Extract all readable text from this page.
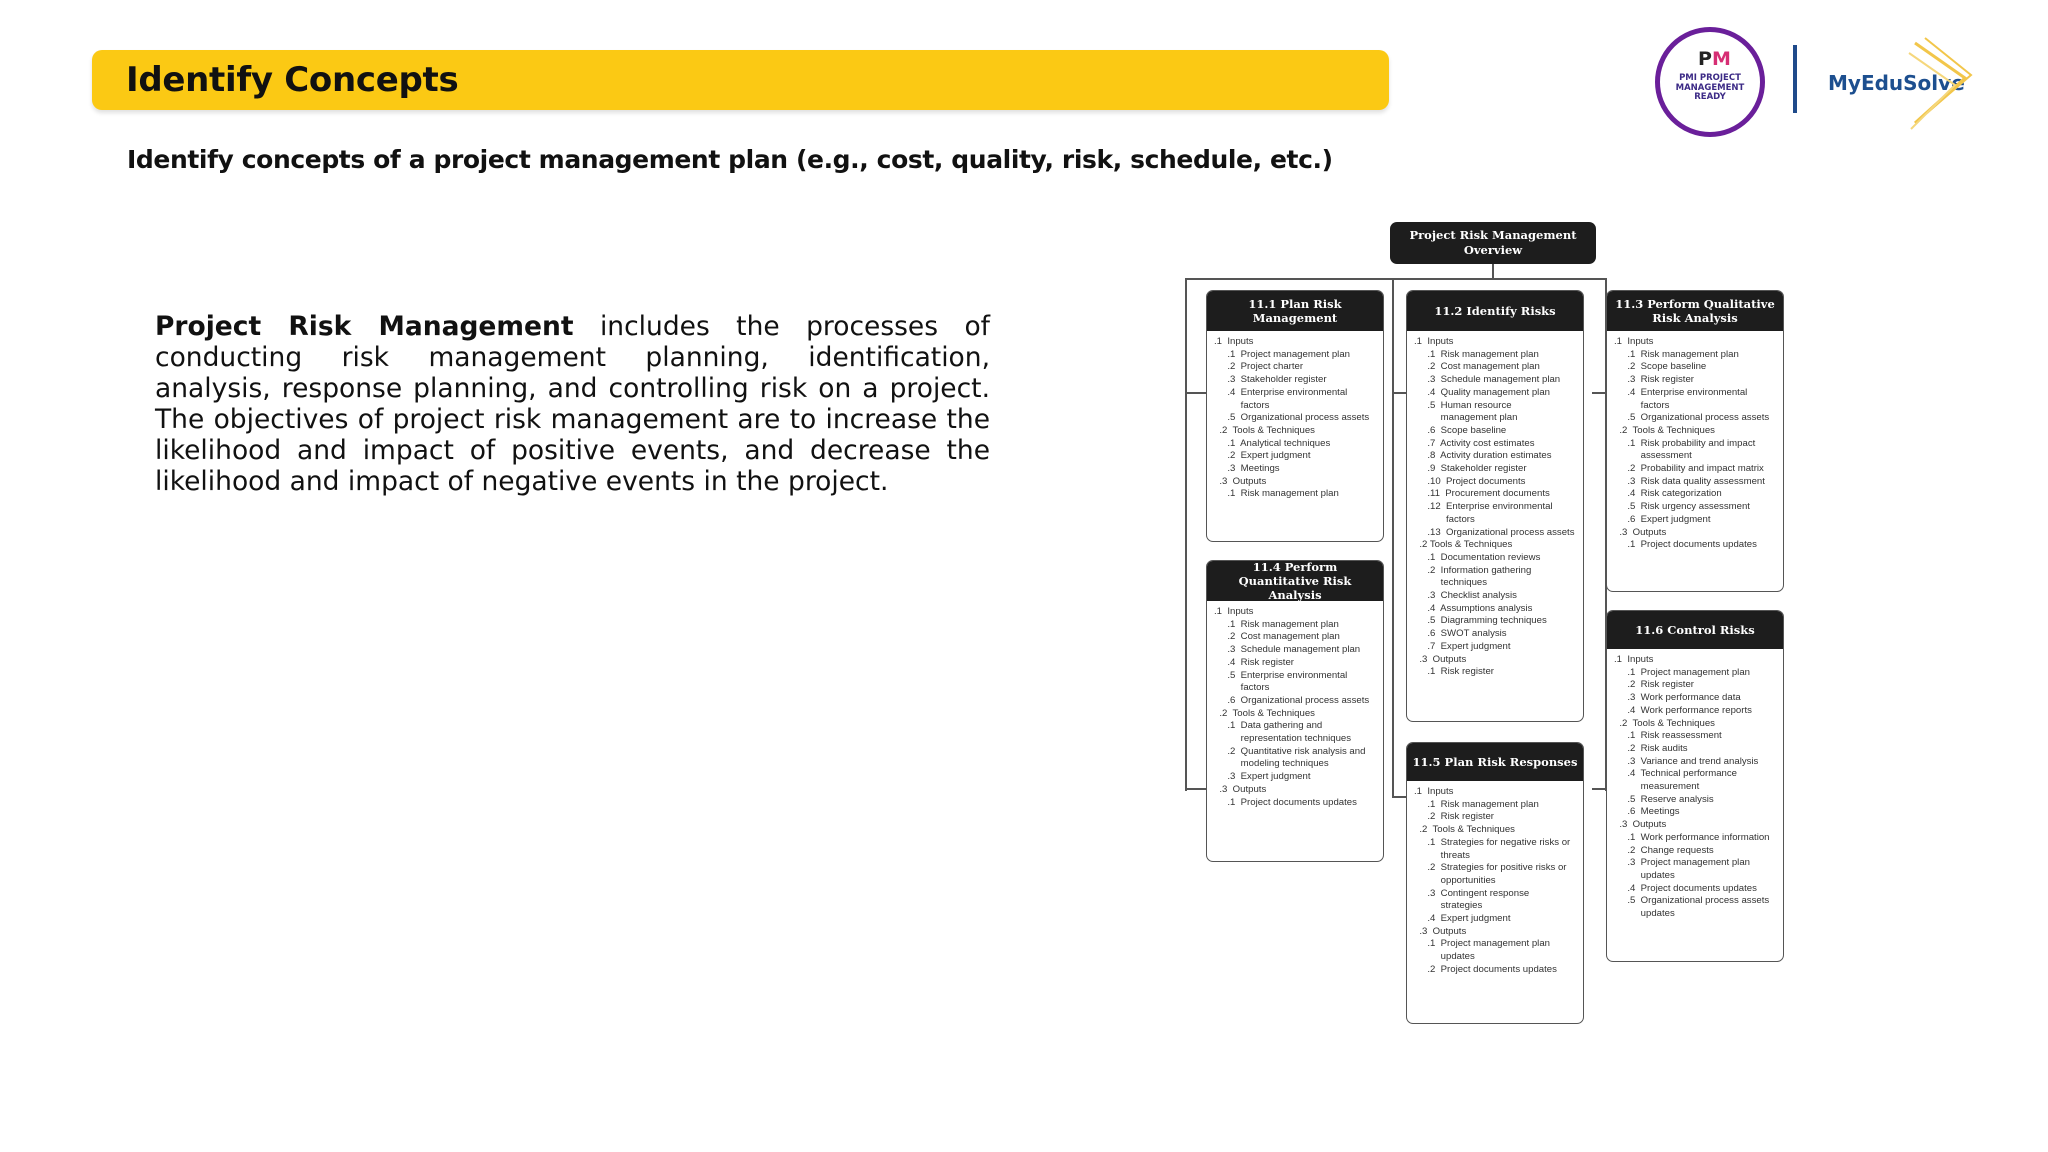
Identify Concepts
Identify concepts of a project management plan (e.g., cost, quality, risk, schedule, etc.)
Project Risk Management includes the processes of conducting risk management planning, identification, analysis, response planning, and controlling risk on a project. The objectives of project risk management are to increase the likelihood and impact of positive events, and decrease the likelihood and impact of negative events in the project.
PM
PMI PROJECT MANAGEMENT READY
MyEduSolve
Project Risk Management Overview
11.1 Plan Risk Management
.1  Inputs
.1  Project management plan
.2  Project charter
.3  Stakeholder register
.4  Enterprise environmental
factors
.5  Organizational process assets
.2  Tools & Techniques
.1  Analytical techniques
.2  Expert judgment
.3  Meetings
.3  Outputs
.1  Risk management plan
11.2 Identify Risks
.1  Inputs
.1  Risk management plan
.2  Cost management plan
.3  Schedule management plan
.4  Quality management plan
.5  Human resource
management plan
.6  Scope baseline
.7  Activity cost estimates
.8  Activity duration estimates
.9  Stakeholder register
.10  Project documents
.11  Procurement documents
.12  Enterprise environmental
factors
.13  Organizational process assets
.2 Tools & Techniques
.1  Documentation reviews
.2  Information gathering
techniques
.3  Checklist analysis
.4  Assumptions analysis
.5  Diagramming techniques
.6  SWOT analysis
.7  Expert judgment
.3  Outputs
.1  Risk register
11.3 Perform Qualitative Risk Analysis
.1  Inputs
.1  Risk management plan
.2  Scope baseline
.3  Risk register
.4  Enterprise environmental
factors
.5  Organizational process assets
.2  Tools & Techniques
.1  Risk probability and impact
assessment
.2  Probability and impact matrix
.3  Risk data quality assessment
.4  Risk categorization
.5  Risk urgency assessment
.6  Expert judgment
.3  Outputs
.1  Project documents updates
11.4 Perform Quantitative Risk Analysis
.1  Inputs
.1  Risk management plan
.2  Cost management plan
.3  Schedule management plan
.4  Risk register
.5  Enterprise environmental
factors
.6  Organizational process assets
.2  Tools & Techniques
.1  Data gathering and
representation techniques
.2  Quantitative risk analysis and
modeling techniques
.3  Expert judgment
.3  Outputs
.1  Project documents updates
11.5 Plan Risk Responses
.1  Inputs
.1  Risk management plan
.2  Risk register
.2  Tools & Techniques
.1  Strategies for negative risks or
threats
.2  Strategies for positive risks or
opportunities
.3  Contingent response
strategies
.4  Expert judgment
.3  Outputs
.1  Project management plan
updates
.2  Project documents updates
11.6 Control Risks
.1  Inputs
.1  Project management plan
.2  Risk register
.3  Work performance data
.4  Work performance reports
.2  Tools & Techniques
.1  Risk reassessment
.2  Risk audits
.3  Variance and trend analysis
.4  Technical performance
measurement
.5  Reserve analysis
.6  Meetings
.3  Outputs
.1  Work performance information
.2  Change requests
.3  Project management plan
updates
.4  Project documents updates
.5  Organizational process assets
updates
